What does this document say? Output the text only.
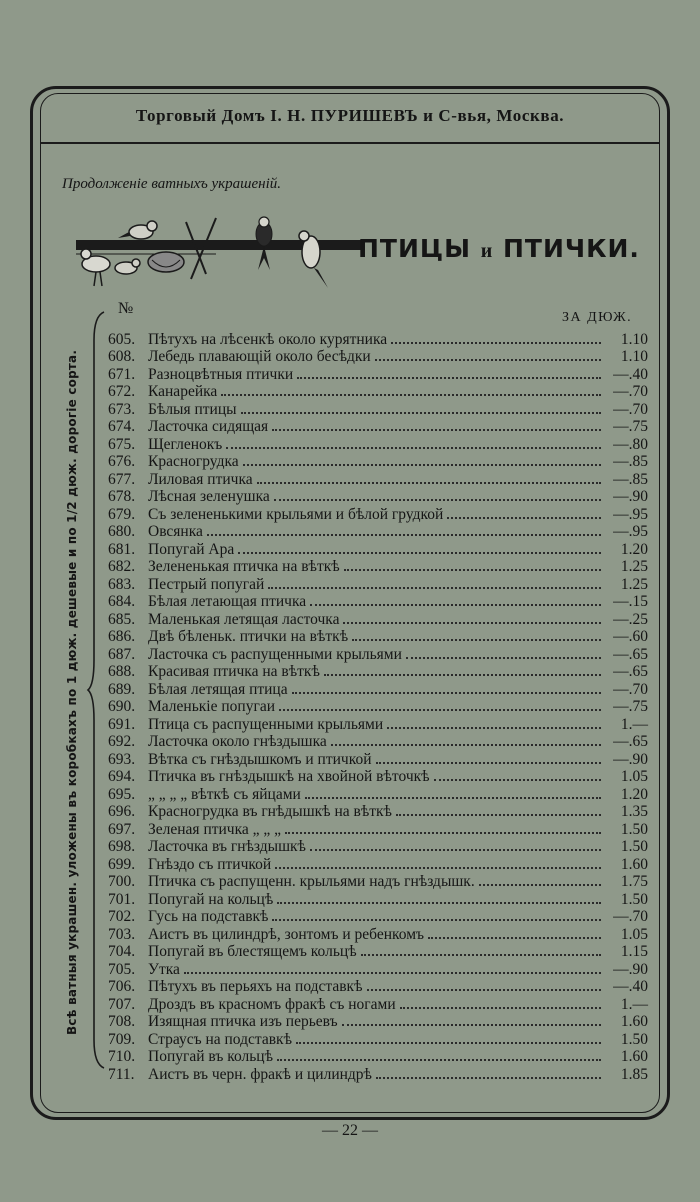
Торговый Домъ I. Н. ПУРИШЕВЪ и С-вья, Москва.
Продолженіе ватныхъ украшеній.
ПТИЦЫ и ПТИЧКИ.
Всѣ ватныя украшен. уложены въ коробкахъ по 1 дюж. дешевые и по 1/2 дюж. дорогіе сорта.
№
ЗА ДЮЖ.
605. Пѣтухъ на лѣсенкѣ около курятника	1.10
608. Лебедь плавающій около бесѣдки	1.10
671. Разноцвѣтныя птички	—.40
672. Канарейка	—.70
673. Бѣлыя птицы	—.70
674. Ласточка сидящая	—.75
675. Щегленокъ	—.80
676. Красногрудка	—.85
677. Лиловая птичка	—.85
678. Лѣсная зеленушка	—.90
679. Съ зелененькими крыльями и бѣлой грудкой	—.95
680. Овсянка	—.95
681. Попугай Ара	1.20
682. Зелененькая птичка на вѣткѣ	1.25
683. Пестрый попугай	1.25
684. Бѣлая летающая птичка	—.15
685. Маленькая летящая ласточка	—.25
686. Двѣ бѣленьк. птички на вѣткѣ	—.60
687. Ласточка съ распущенными крыльями	—.65
688. Красивая птичка на вѣткѣ	—.65
689. Бѣлая летящая птица	—.70
690. Маленькіе попугаи	—.75
691. Птица съ распущенными крыльями	1.—
692. Ласточка около гнѣздышка	—.65
693. Вѣтка съ гнѣздышкомъ и птичкой	—.90
694. Птичка въ гнѣздышкѣ на хвойной вѣточкѣ	1.05
695. „ „ „ „ вѣткѣ съ яйцами	1.20
696. Красногрудка въ гнѣдышкѣ на вѣткѣ	1.35
697. Зеленая птичка „ „ „	1.50
698. Ласточка въ гнѣздышкѣ	1.50
699. Гнѣздо съ птичкой	1.60
700. Птичка съ распущенн. крыльями надъ гнѣздышк.	1.75
701. Попугай на кольцѣ	1.50
702. Гусь на подставкѣ	—.70
703. Аистъ въ цилиндрѣ, зонтомъ и ребенкомъ	1.05
704. Попугай въ блестящемъ кольцѣ	1.15
705. Утка	—.90
706. Пѣтухъ въ перьяхъ на подставкѣ	—.40
707. Дроздъ въ красномъ фракѣ съ ногами	1.—
708. Изящная птичка изъ перьевъ	1.60
709. Страусъ на подставкѣ	1.50
710. Попугай въ кольцѣ	1.60
711. Аистъ въ черн. фракѣ и цилиндрѣ	1.85
— 22 —
